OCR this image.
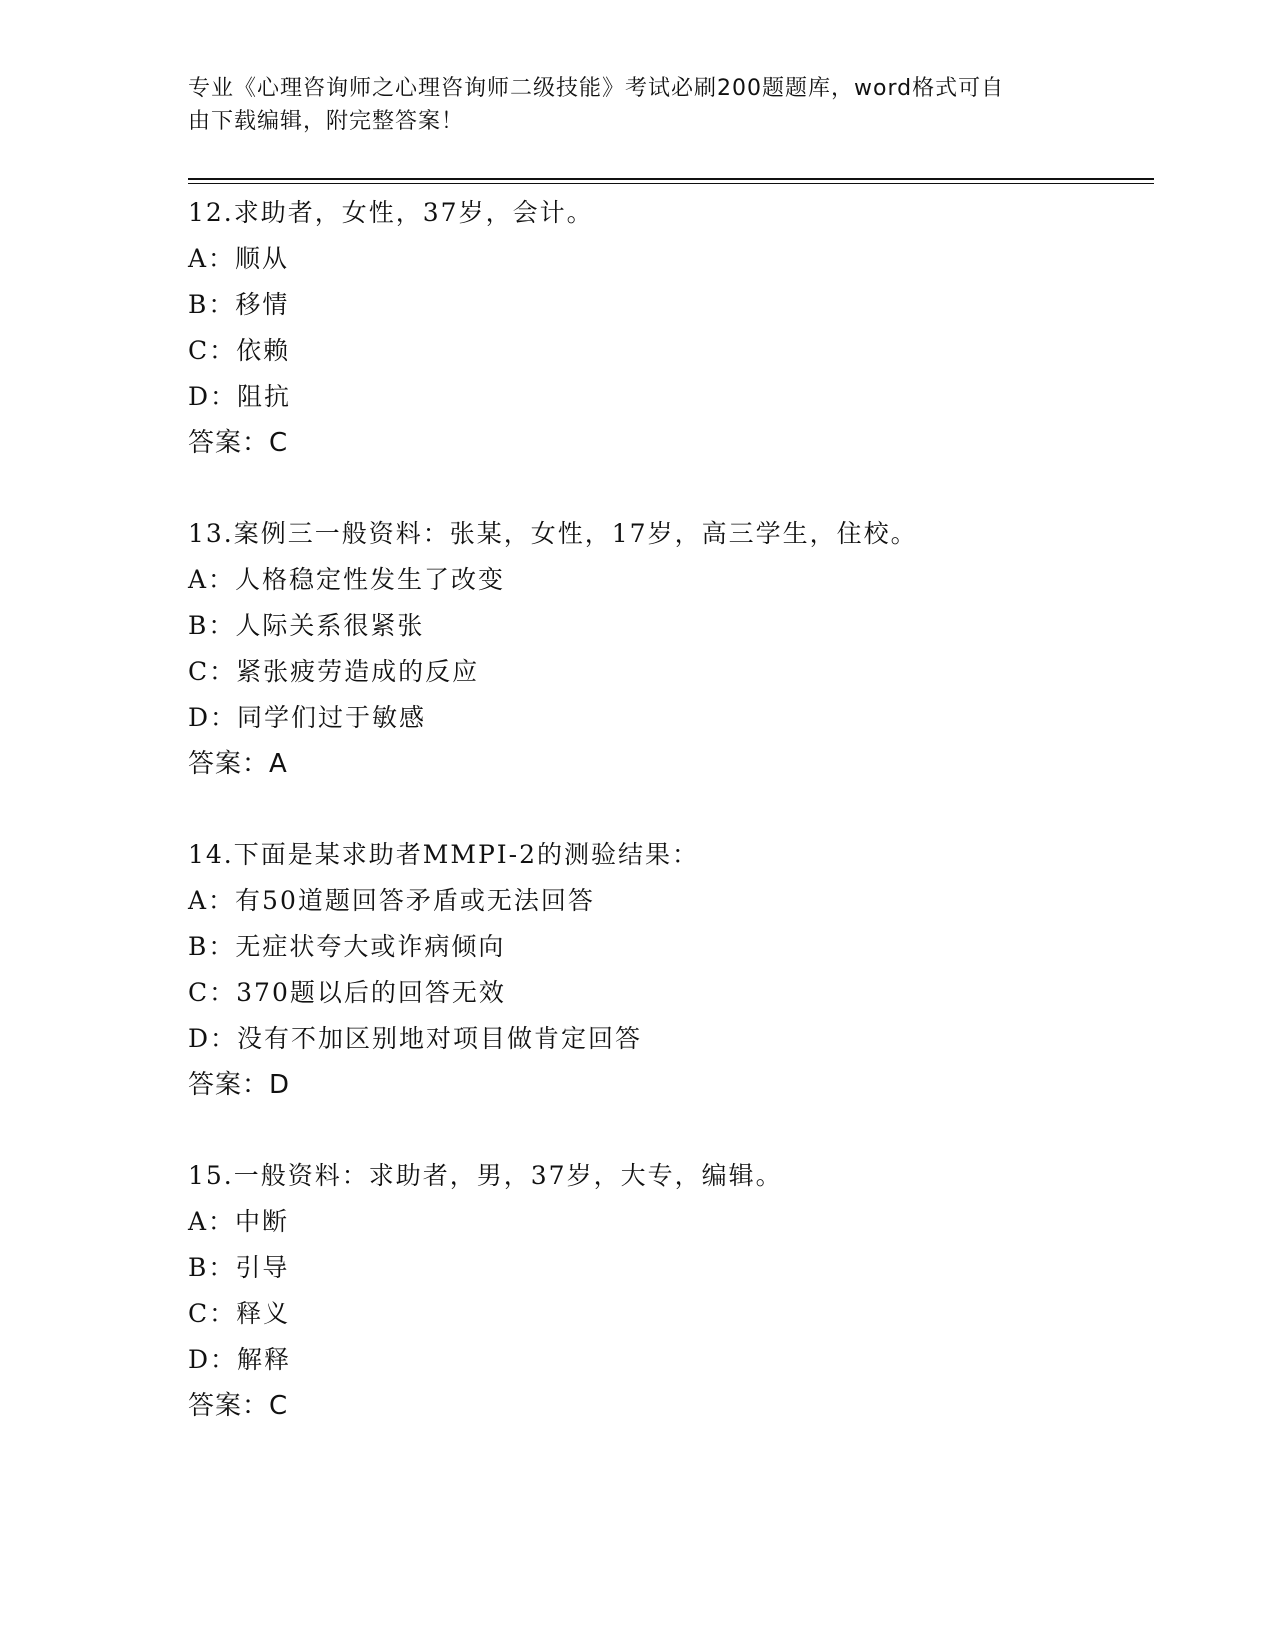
专业《心理咨询师之心理咨询师二级技能》考试必刷200题题库，word格式可自
由下载编辑，附完整答案！
12.求助者，女性，37岁，会计。
A：顺从
B：移情
C：依赖
D：阻抗
答案：C
13.案例三一般资料：张某，女性，17岁，高三学生，住校。
A：人格稳定性发生了改变
B：人际关系很紧张
C：紧张疲劳造成的反应
D：同学们过于敏感
答案：A
14.下面是某求助者MMPI-2的测验结果：
A：有50道题回答矛盾或无法回答
B：无症状夸大或诈病倾向
C：370题以后的回答无效
D：没有不加区别地对项目做肯定回答
答案：D
15.一般资料：求助者，男，37岁，大专，编辑。
A：中断
B：引导
C：释义
D：解释
答案：C
